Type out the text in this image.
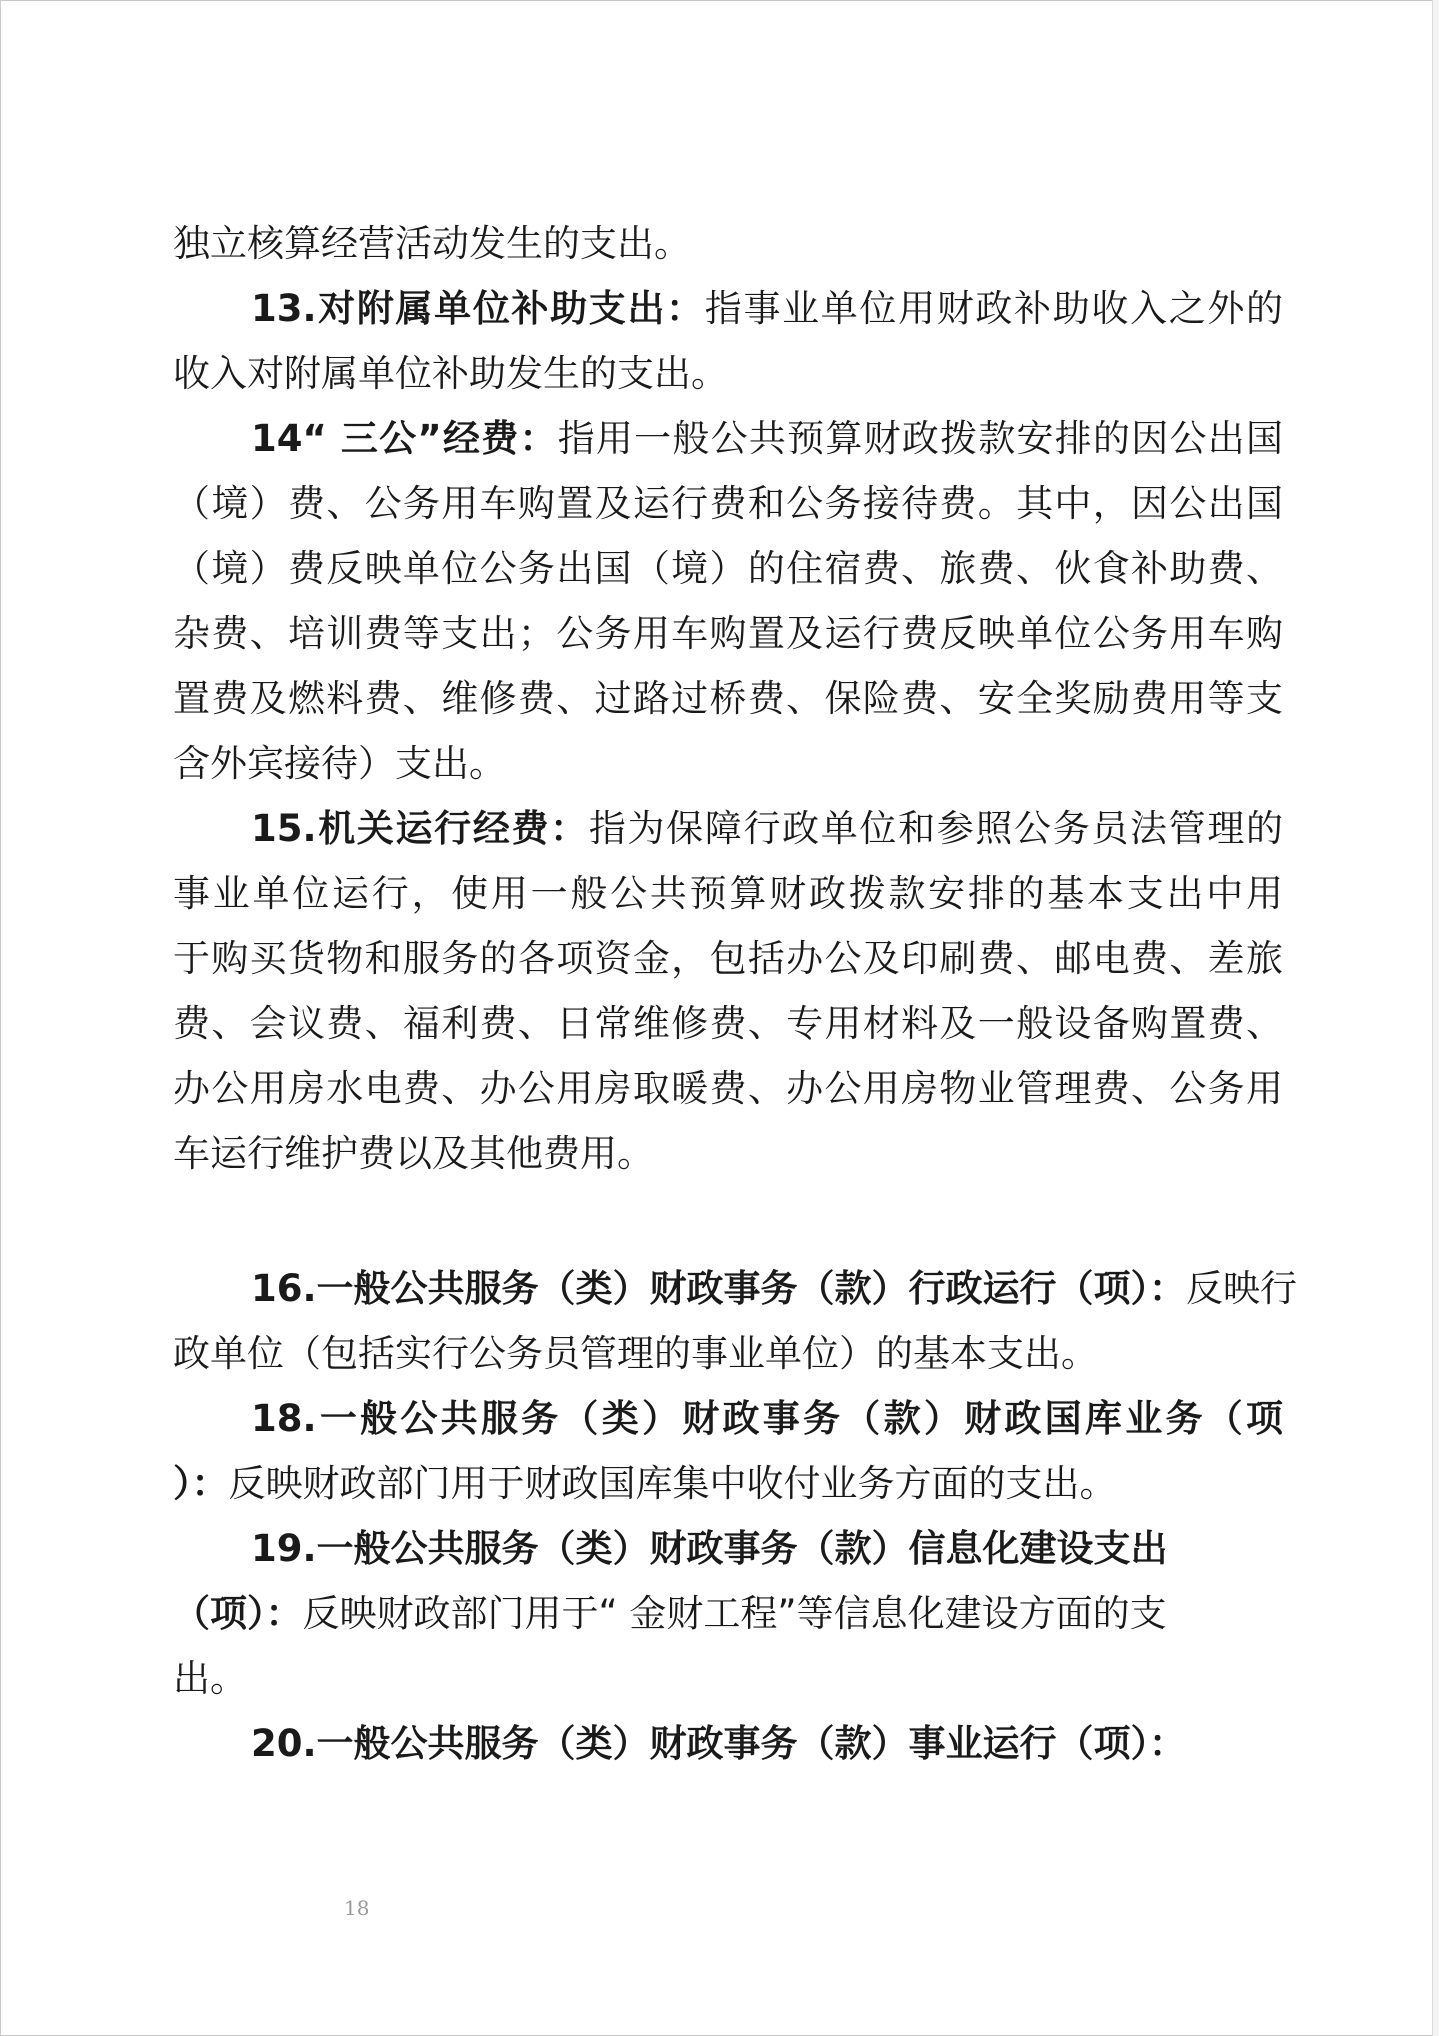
独立核算经营活动发生的支出。
13.对附属单位补助支出：指事业单位用财政补助收入之外的
收入对附属单位补助发生的支出。
14“ 三公”经费：指用一般公共预算财政拨款安排的因公出国
（境）费、公务用车购置及运行费和公务接待费。其中，因公出国
（境）费反映单位公务出国（境）的住宿费、旅费、伙食补助费、
杂费、培训费等支出；公务用车购置及运行费反映单位公务用车购
置费及燃料费、维修费、过路过桥费、保险费、安全奖励费用等支
含外宾接待）支出。
15.机关运行经费：指为保障行政单位和参照公务员法管理的
事业单位运行，使用一般公共预算财政拨款安排的基本支出中用
于购买货物和服务的各项资金，包括办公及印刷费、邮电费、差旅
费、会议费、福利费、日常维修费、专用材料及一般设备购置费、
办公用房水电费、办公用房取暖费、办公用房物业管理费、公务用
车运行维护费以及其他费用。
16.一般公共服务（类）财政事务（款）行政运行（项）：反映行
政单位（包括实行公务员管理的事业单位）的基本支出。
18.一般公共服务（类）财政事务（款）财政国库业务（项
）：反映财政部门用于财政国库集中收付业务方面的支出。
19.一般公共服务（类）财政事务（款）信息化建设支出
（项）：反映财政部门用于“ 金财工程”等信息化建设方面的支
出。
20.一般公共服务（类）财政事务（款）事业运行（项）：
18
